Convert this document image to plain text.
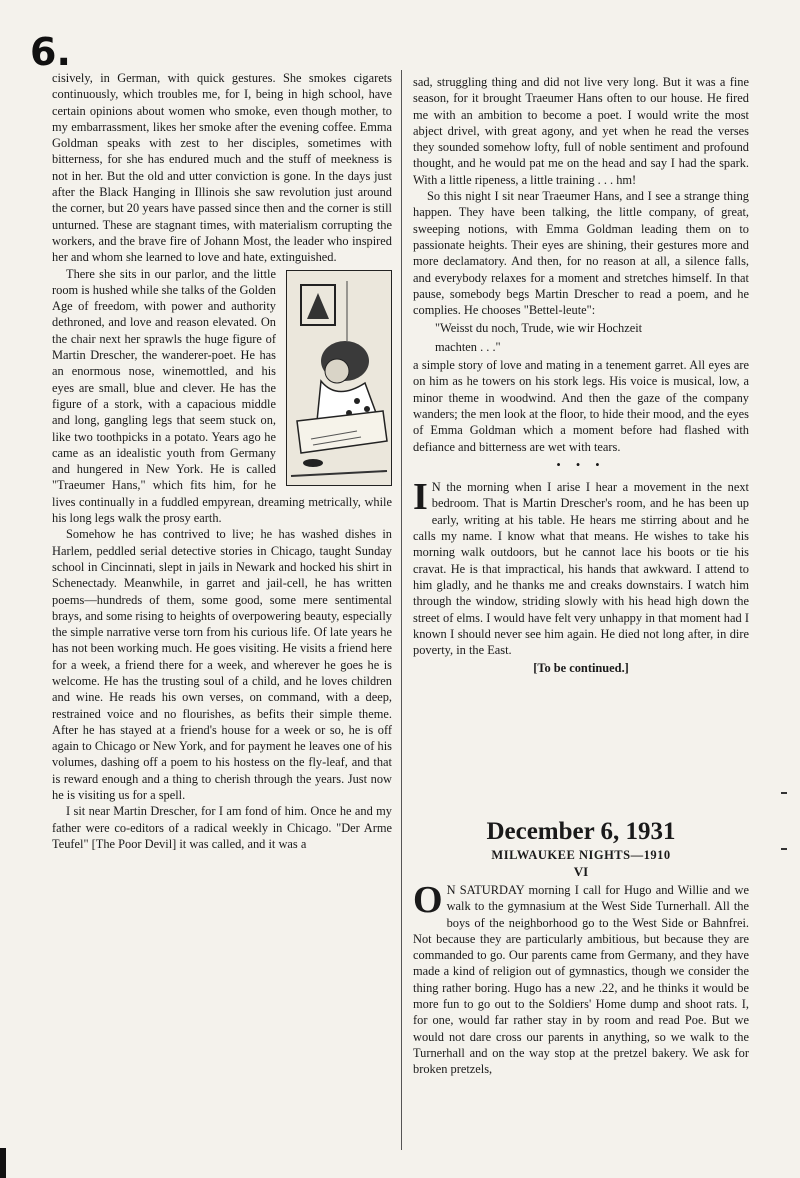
6.

cisively, in German, with quick gestures. She smokes cigarets continuously, which troubles me, for I, being in high school, have certain opinions about women who smoke, even though mother, to my embarrassment, likes her smoke after the evening coffee. Emma Goldman speaks with zest to her disciples, sometimes with bitterness, for she has endured much and the stuff of meekness is not in her. But the old and utter conviction is gone. In the days just after the Black Hanging in Illinois she saw revolution just around the corner, but 20 years have passed since then and the corner is still unturned. These are stagnant times, with materialism corrupting the workers, and the brave fire of Johann Most, the leader who inspired her and whom she learned to love and hate, extinguished.

There she sits in our parlor, and the little room is hushed while she talks of the Golden Age of freedom, with power and authority dethroned, and love and reason elevated. On the chair next her sprawls the huge figure of Martin Drescher, the wanderer-poet. He has an enormous nose, winemottled, and his eyes are small, blue and clever. He has the figure of a stork, with a capacious middle and long, gangling legs that seem stuck on, like two toothpicks in a potato. Years ago he came as an idealistic youth from Germany and hungered in New York. He is called "Traeumer Hans," which fits him, for he lives continually in a fuddled empyrean, dreaming metrically, while his long legs walk the prosy earth.

Somehow he has contrived to live; he has washed dishes in Harlem, peddled serial detective stories in Chicago, taught Sunday school in Cincinnati, slept in jails in Newark and hocked his shirt in Schenectady. Meanwhile, in garret and jail-cell, he has written poems—hundreds of them, some good, some mere sentimental brays, and some rising to heights of overpowering beauty, especially the simple narrative verse torn from his curious life. Of late years he has not been working much. He goes visiting. He visits a friend here for a week, a friend there for a week, and wherever he goes he is welcome. He has the trusting soul of a child, and he loves children and wine. He reads his own verses, on command, with a deep, restrained voice and no flourishes, as befits their simple theme. After he has stayed at a friend's house for a week or so, he is off again to Chicago or New York, and for payment he leaves one of his volumes, dashing off a poem to his hostess on the fly-leaf, and that is reward enough and a thing to cherish through the years. Just now he is visiting us for a spell.

I sit near Martin Drescher, for I am fond of him. Once he and my father were co-editors of a radical weekly in Chicago. "Der Arme Teufel" [The Poor Devil] it was called, and it was a

sad, struggling thing and did not live very long. But it was a fine season, for it brought Traeumer Hans often to our house. He fired me with an ambition to become a poet. I would write the most abject drivel, with great agony, and yet when he read the verses they sounded somehow lofty, full of noble sentiment and profound thought, and he would pat me on the head and say I had the spark. With a little ripeness, a little training . . . hm!

So this night I sit near Traeumer Hans, and I see a strange thing happen. They have been talking, the little company, of great, sweeping notions, with Emma Goldman leading them on to passionate heights. Their eyes are shining, their gestures more and more declamatory. And then, for no reason at all, a silence falls, and everybody relaxes for a moment and stretches himself. In that pause, somebody begs Martin Drescher to read a poem, and he complies. He chooses "Bettel-leute":

"Weisst du noch, Trude, wie wir Hochzeit
machten . . ."

a simple story of love and mating in a tenement garret. All eyes are on him as he towers on his stork legs. His voice is musical, low, a minor theme in woodwind. And then the gaze of the company wanders; the men look at the floor, to hide their mood, and the eyes of Emma Goldman which a moment before had flashed with defiance and bitterness are wet with tears.

• • •

I N the morning when I arise I hear a movement in the next bedroom. That is Martin Drescher's room, and he has been up early, writing at his table. He hears me stirring about and he calls my name. I know what that means. He wishes to take his morning walk outdoors, but he cannot lace his boots or tie his cravat. He is that impractical, his hands that awkward. I attend to him gladly, and he thanks me and creaks downstairs. I watch him through the window, striding slowly with his head high down the street of elms. I would have felt very unhappy in that moment had I known I should never see him again. He died not long after, in dire poverty, in the East.

[To be continued.]
December 6, 1931
MILWAUKEE NIGHTS—1910
VI

O N SATURDAY morning I call for Hugo and Willie and we walk to the gymnasium at the West Side Turnerhall. All the boys of the neighborhood go to the West Side or Bahnfrei. Not because they are particularly ambitious, but because they are commanded to go. Our parents came from Germany, and they have made a kind of religion out of gymnastics, though we consider the thing rather boring. Hugo has a new .22, and he thinks it would be more fun to go out to the Soldiers' Home dump and shoot rats. I, for one, would far rather stay in by room and read Poe. But we would not dare cross our parents in anything, so we walk to the Turnerhall and on the way stop at the pretzel bakery. We ask for broken pretzels,
